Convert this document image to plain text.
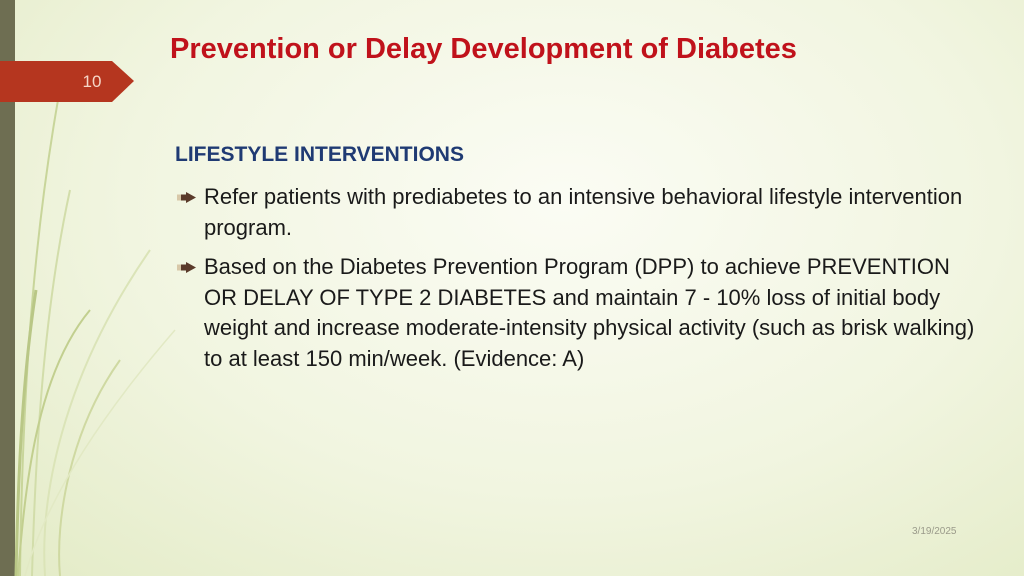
10
Prevention or Delay Development of Diabetes
LIFESTYLE INTERVENTIONS
Refer patients with prediabetes to an intensive behavioral lifestyle intervention program.
Based on the Diabetes Prevention Program (DPP) to achieve PREVENTION OR DELAY OF TYPE 2 DIABETES and maintain 7 - 10% loss of initial body weight and increase moderate-intensity physical activity (such as brisk walking) to at least 150 min/week. (Evidence: A)
3/19/2025
